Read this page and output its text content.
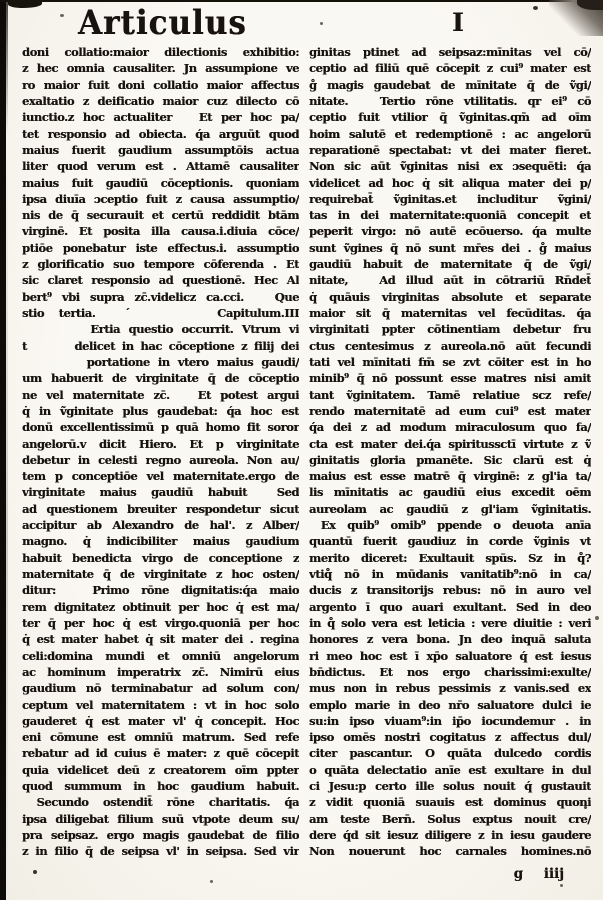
Articulus	I
doni collatio:maior dilectionis exhibitio:
z hec omnia causaliter. Jn assumpione ve
ro maior fuit doni collatio maior affectus
exaltatio z deificatio maior cuz dilecto cō
iunctio.z hoc actualiter   Et per hoc pa/
tet responsio ad obiecta. q́a arguūt quod
maius fuerit gaudium assumptōis actua
liter quod verum est . Attamē causaliter
maius fuit gaudiū cōceptionis. quoniam
ipsa diuīa ɔceptio fuit z causa assumptio/
nis de q̄ securauit et certū reddidit btām
virginē. Et posita illa causa.i.diuia cōce/
ptiōe ponebatur iste effectus.i. assumptio
z glorificatio suo tempore cōferenda . Et
sic claret responsio ad questionē. Hec Al
bert⁹ vbi supra zc̄.videlicz ca.cci.   Que
stio tertia.  ´      Capitulum.III
Ertia questio occurrit. Vtrum vi
t       delicet in hac cōceptione z filij dei
portatione in vtero maius gaudi/
um habuerit de virginitate q̄ de cōceptio
ne vel maternitate zc̄.   Et potest argui
q̇ in ṽginitate plus gaudebat: q́a hoc est
donū excellentissimū p quā homo fit soror
angelorū.v dicit Hiero. Et p virginitate
debetur in celesti regno aureola. Non au/
tem p conceptiōe vel maternitate.ergo de
virginitate maius gaudiū habuit  Sed
ad questionem breuiter respondetur sicut
accipitur ab Alexandro de hal'. z Alber/
magno. q̇ indicibiliter maius gaudium
habuit benedicta virgo de conceptione z
maternitate q̄ de virginitate z hoc osten/
ditur:   Primo rōne dignitatis:q́a maio
rem dignitatez obtinuit per hoc q̇ est ma/
ter q̄ per hoc q̇ est virgo.quoniā per hoc
q̇ est mater habet q̇ sit mater dei . regina
celi:domina mundi et omniū angelorum
ac hominum imperatrix zc̄. Nimirū eius
gaudium nō terminabatur ad solum con/
ceptum vel maternitatem : vt in hoc solo
gauderet q̇ est mater vl' q̇ concepit. Hoc
eni cōmune est omniū matrum. Sed refe
rebatur ad id cuius ē mater: z quē cōcepit
quia videlicet deū z creatorem oīm ppter
quod summum in hoc gaudium habuit.
Secundo ostendit̄ rōne charitatis. q́a
ipsa diligebat filium suū vtpote deum su/
pra seipsaz. ergo magis gaudebat de filio
z in filio q̄ de seipsa vl' in seipsa. Sed vir
ginitas ptinet ad seipsaz:mīnitas vel cō/
ceptio ad filiū quē cōcepit z cui⁹ mater est
g̊ magis gaudebat de mīnitate q̄ de ṽgi/
nitate.   Tertio rōne vtilitatis. qr ei⁹ cō
ceptio fuit vtilior q̄ ṽginitas.qm̄ ad oīm
hoim salutē et redemptionē : ac angelorū
reparationē spectabat: vt dei mater fieret.
Non sic aūt ṽginitas nisi ex ɔsequēti: q́a
videlicet ad hoc q̇ sit aliqua mater dei p/
requirebat̄ ṽginitas.et includitur ṽgini/
tas in dei maternitate:quoniā concepit et
peperit virgo: nō autē ecōuerso. q́a multe
sunt ṽgines q̄ nō sunt mr̄es dei . g̊ maius
gaudiū habuit de maternitate q̄ de ṽgi/
nitate,   Ad illud aūt in cōtrariū Rn̄det̄
q̇ quāuis virginitas absolute et separate
maior sit q̄ maternitas vel fecūditas. q́a
virginitati ppter cōtinentiam debetur fru
ctus centesimus z aureola.nō aūt fecundi
tati vel mīnitati fm̄ se zvt cōiter est in ho
minib⁹ q̄ nō possunt esse matres nisi amit
tant ṽginitatem. Tamē relatiue scz refe/
rendo maternitatē ad eum cui⁹ est mater
q́a dei z ad modum miraculosum quo fa/
cta est mater dei.q́a spiritussctī virtute z ṽ
ginitatis gloria pmanēte. Sic clarū est q̇
maius est esse matrē q̄ virginē: z gl'ia ta/
lis mīnitatis ac gaudiū eius excedit oēm
aureolam ac gaudiū z gl'iam ṽginitatis.
Ex quib⁹ omib⁹ ppende o deuota anīa
quantū fuerit gaudiuz in corde ṽginis vt
merito diceret: Exultauit spūs. Sz in q̊?
vtiq̊ nō in mūdanis vanitatib⁹:nō in ca/
ducis z transitorijs rebus: nō in auro vel
argento ī quo auari exultant. Sed in deo
in q̊ solo vera est leticia : vere diuitie : veri
honores z vera bona. Jn deo inquā saluta
ri meo hoc est ī xp̄o saluatore q́ est iesus
bn̄dictus. Et nos ergo charissimi:exulte/
mus non in rebus pessimis z vanis.sed ex
emplo marie in deo nr̄o saluatore dulci ie
su:in ipso viuam⁹:in ip̄o iocundemur . in
ipso omēs nostri cogitatus z affectus dul/
citer pascantur. O quāta dulcedo cordis
o quāta delectatio anīe est exultare in dul
ci Jesu:p certo ille solus nouit q́ gustauit
z vidit quoniā suauis est dominus quoni
am teste Bern̄. Solus exptus nouit cre/
dere q́d sit iesuz diligere z in iesu gaudere
Non nouerunt hoc carnales homines.nō
g iiij
